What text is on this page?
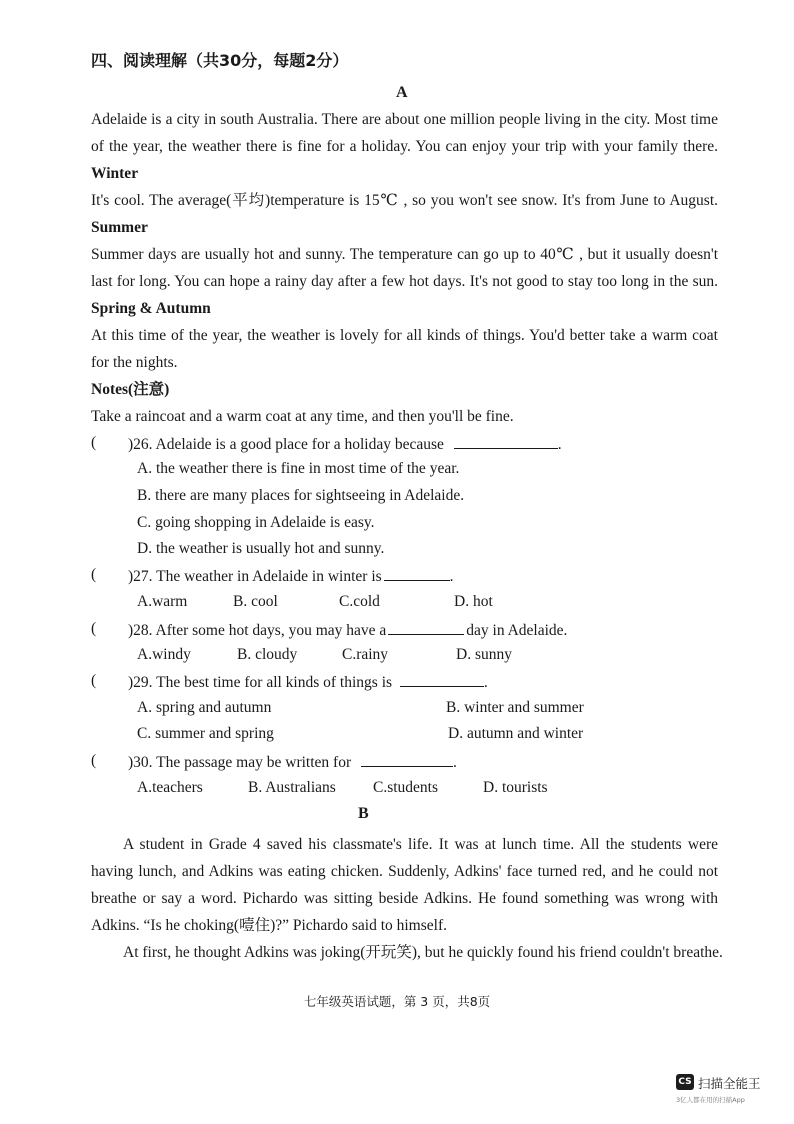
四、阅读理解（共30分，每题2分）
A
Adelaide is a city in south Australia. There are about one million people living in the city. Most time
of the year, the weather there is fine for a holiday. You can enjoy your trip with your family there.
Winter
It's cool. The average(平均)temperature is 15℃ , so you won't see snow. It's from June to August.
Summer
Summer days are usually hot and sunny. The temperature can go up to 40℃ , but it usually doesn't
last for long. You can hope a rainy day after a few hot days. It's not good to stay too long in the sun.
Spring & Autumn
At this time of the year, the weather is lovely for all kinds of things. You'd better take a warm coat
for the nights.
Notes(注意)
Take a raincoat and a warm coat at any time, and then you'll be fine.
( )26. Adelaide is a good place for a holiday because	.
A. the weather there is fine in most time of the year.
B. there are many places for sightseeing in Adelaide.
C. going shopping in Adelaide is easy.
D. the weather is usually hot and sunny.
( )27. The weather in Adelaide in winter is	.
A.warm	B. cool	C.cold	D. hot
( )28. After some hot days, you may have a	day in Adelaide.
A.windy	B. cloudy	C.rainy	D. sunny
( )29. The best time for all kinds of things is	.
A. spring and autumn	B. winter and summer
C. summer and spring	D. autumn and winter
( )30. The passage may be written for	.
A.teachers	B. Australians C.students	D. tourists
B
A student in Grade 4 saved his classmate's life. It was at lunch time. All the students were
having lunch, and Adkins was eating chicken. Suddenly, Adkins' face turned red, and he could not
breathe or say a word. Pichardo was sitting beside Adkins. He found something was wrong with
Adkins. “Is he choking(噎住)?” Pichardo said to himself.
At first, he thought Adkins was joking(开玩笑), but he quickly found his friend couldn't breathe.
七年级英语试题，第 3 页，共8页
CS 扫描全能王
3亿人都在用的扫描App
